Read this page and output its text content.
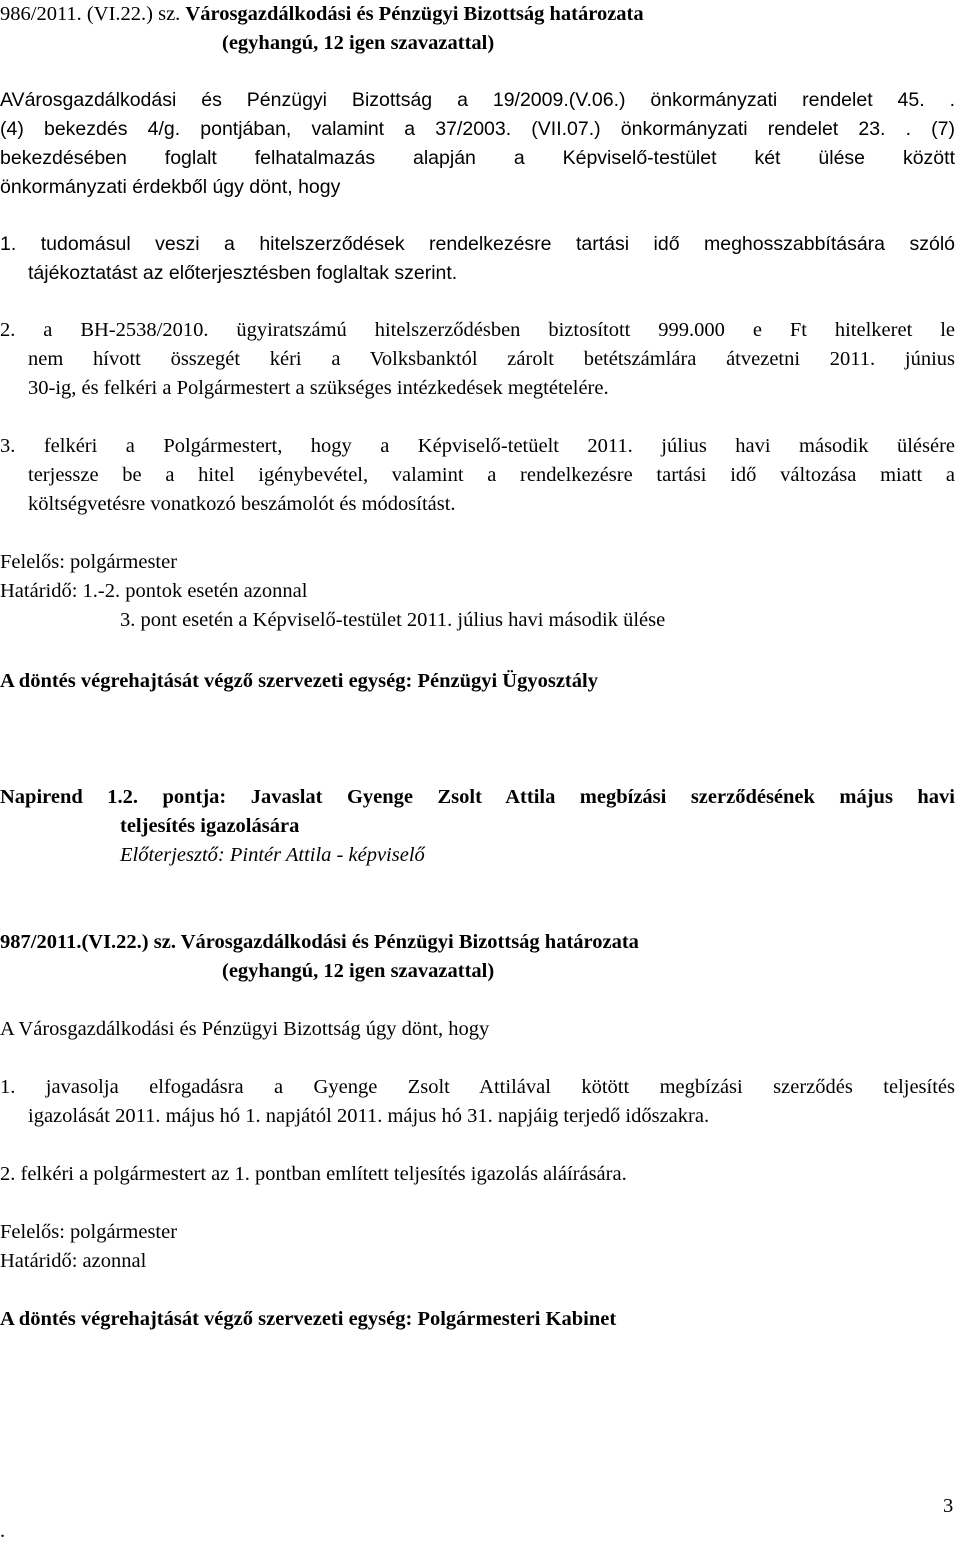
986/2011. (VI.22.) sz. Városgazdálkodási és Pénzügyi Bizottság határozata
(egyhangú, 12 igen szavazattal)
AVárosgazdálkodási és Pénzügyi Bizottság a 19/2009.(V.06.) önkormányzati rendelet 45. .
(4) bekezdés 4/g. pontjában, valamint a 37/2003. (VII.07.) önkormányzati rendelet 23. . (7)
bekezdésében foglalt felhatalmazás alapján a Képviselő-testület két ülése között
önkormányzati érdekből úgy dönt, hogy
1. tudomásul veszi a hitelszerződések rendelkezésre tartási idő meghosszabbítására szóló
tájékoztatást az előterjesztésben foglaltak szerint.
2. a BH-2538/2010. ügyiratszámú hitelszerződésben biztosított 999.000 e Ft hitelkeret le
nem hívott összegét kéri a Volksbanktól zárolt betétszámlára átvezetni 2011. június
30-ig, és felkéri a Polgármestert a szükséges intézkedések megtételére.
3. felkéri a Polgármestert, hogy a Képviselő-tetüelt 2011. július havi második ülésére
terjessze be a hitel igénybevétel, valamint a rendelkezésre tartási idő változása miatt a
költségvetésre vonatkozó beszámolót és módosítást.
Felelős: polgármester
Határidő: 1.-2. pontok esetén azonnal
3. pont esetén a Képviselő-testület 2011. július havi második ülése
A döntés végrehajtását végző szervezeti egység: Pénzügyi Ügyosztály
Napirend 1.2. pontja: Javaslat Gyenge Zsolt Attila megbízási szerződésének május havi
teljesítés igazolására
Előterjesztő: Pintér Attila - képviselő
987/2011.(VI.22.) sz. Városgazdálkodási és Pénzügyi Bizottság határozata
(egyhangú, 12 igen szavazattal)
A Városgazdálkodási és Pénzügyi Bizottság úgy dönt, hogy
1. javasolja elfogadásra a Gyenge Zsolt Attilával kötött megbízási szerződés teljesítés
igazolását 2011. május hó 1. napjától 2011. május hó 31. napjáig terjedő időszakra.
2. felkéri a polgármestert az 1. pontban említett teljesítés igazolás aláírására.
Felelős: polgármester
Határidő: azonnal
A döntés végrehajtását végző szervezeti egység: Polgármesteri Kabinet
3
.
